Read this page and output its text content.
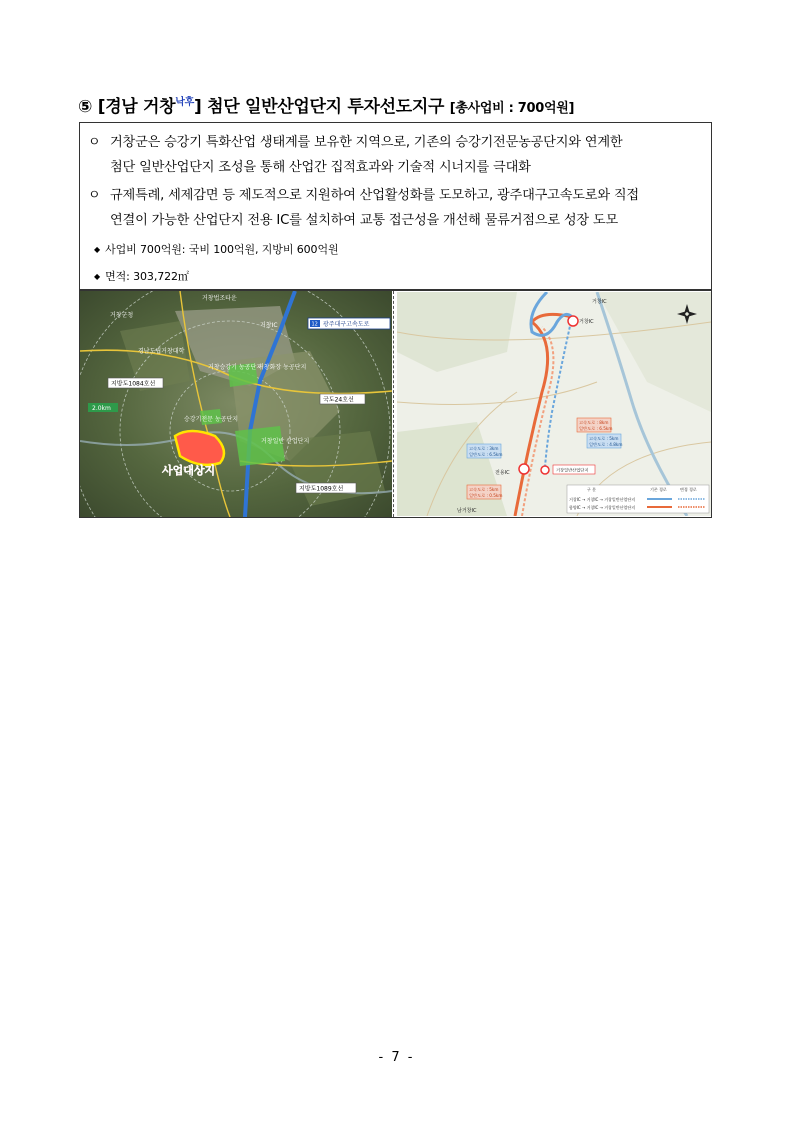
⑤ [경남 거창$^{낙후}$] 첨단 일반산업단지 투자선도지구 [총사업비 : 700억원]
ㅇ 거창군은 승강기 특화산업 생태계를 보유한 지역으로, 기존의 승강기전문농공단지와 연계한
첨단 일반산업단지 조성을 통해 산업간 집적효과와 기술적 시너지를 극대화
ㅇ 규제특례, 세제감면 등 제도적으로 지원하여 산업활성화를 도모하고, 광주대구고속도로와 직접
연결이 가능한 산업단지 전용 IC를 설치하여 교통 접근성을 개선해 물류거점으로 성장 도모
◆ 사업비 700억원: 국비 100억원, 지방비 600억원
◆ 면적: 303,722㎡
거창법조타운
거창군청
거창IC
경남도립거창대학
거창승강기 농공단지
거창화장 농공단지
승강기전문 농공단지
거창일반 산업단지
12 광주대구고속도로
지방도1084호선
국도24호선
2.0km
지방도1089호선
사업대상지
거창IC
거창IC
전용IC
남거창IC
고속도로 : 8km
일반도로 : 6.5km
고속도로 : 5km
일반도로 : 4.8km
고속도로 : 3km
일반도로 : 6.5km
고속도로 : 5km
일반도로 : 0.5km
거창일반산업단지
구 분	기존 경로	변경 경로
거창IC → 거창IC → 거창일반산업단지
함양IC → 거창IC → 거창일반산업단지
- 7 -
